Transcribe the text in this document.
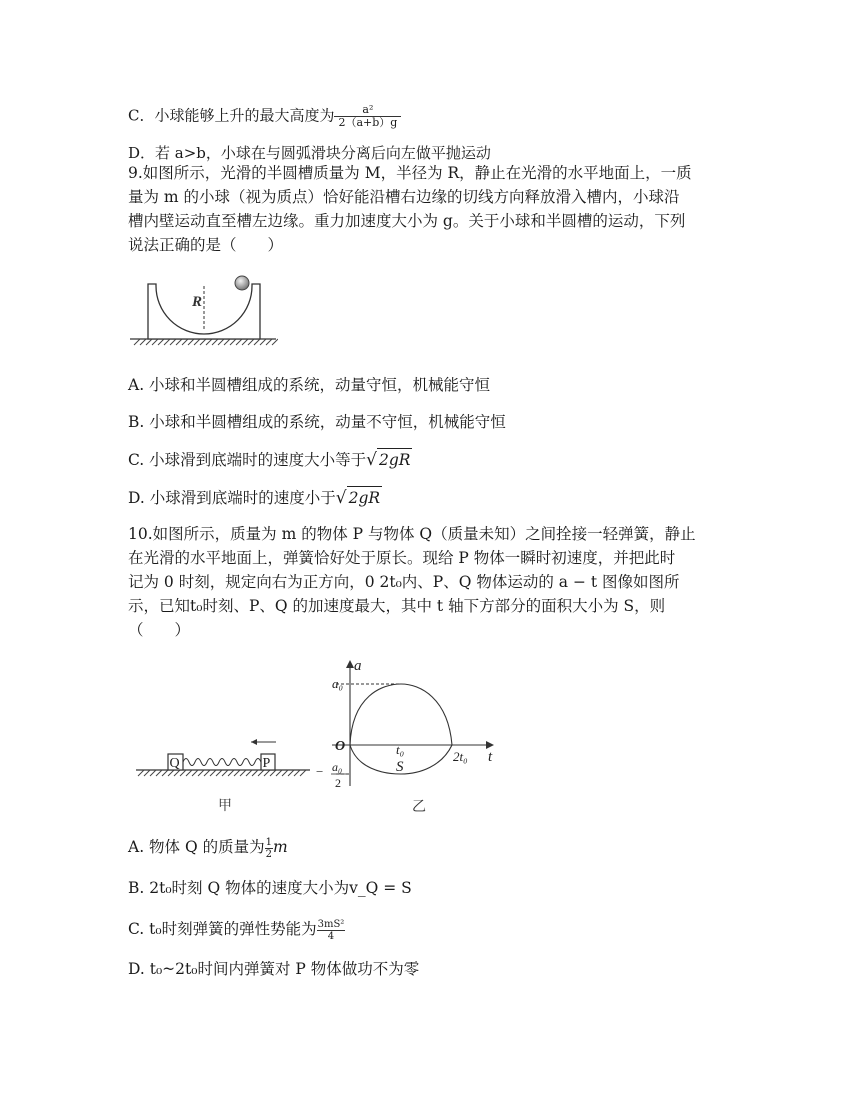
C．小球能够上升的最大高度为 $\frac{\text{a²}}{2(a+b)g}$
D．若 a>b，小球在与圆弧滑块分离后向左做平抛运动
9.如图所示，光滑的半圆槽质量为 M，半径为 R，静止在光滑的水平地面上，一质
量为 m 的小球（视为质点）恰好能沿槽右边缘的切线方向释放滑入槽内，小球沿
槽内壁运动直至槽左边缘。重力加速度大小为 g。关于小球和半圆槽的运动，下列
说法正确的是（　　）
R
A. 小球和半圆槽组成的系统，动量守恒，机械能守恒
B. 小球和半圆槽组成的系统，动量不守恒，机械能守恒
C. 小球滑到底端时的速度大小等于√ 2gR
D. 小球滑到底端时的速度小于√ 2gR
10.如图所示，质量为 m 的物体 P 与物体 Q（质量未知）之间拴接一轻弹簧，静止
在光滑的水平地面上，弹簧恰好处于原长。现给 P 物体一瞬时初速度，并把此时
记为 0 时刻，规定向右为正方向，0 2t₀内、P、Q 物体运动的 a − t 图像如图所
示，已知t₀时刻、P、Q 的加速度最大，其中 t 轴下方部分的面积大小为 S，则
（　　）
Q	P
甲
a
a₀
O	t₀
S
2t₀ t
− a₀
2
乙
A. 物体 Q 的质量为 $\frac{1}{2}$ m
B. 2t₀时刻 Q 物体的速度大小为v_Q = S
C. t₀时刻弹簧的弹性势能为 $\frac{\text{3mS²}}{4}$
D. t₀~2t₀时间内弹簧对 P 物体做功不为零
